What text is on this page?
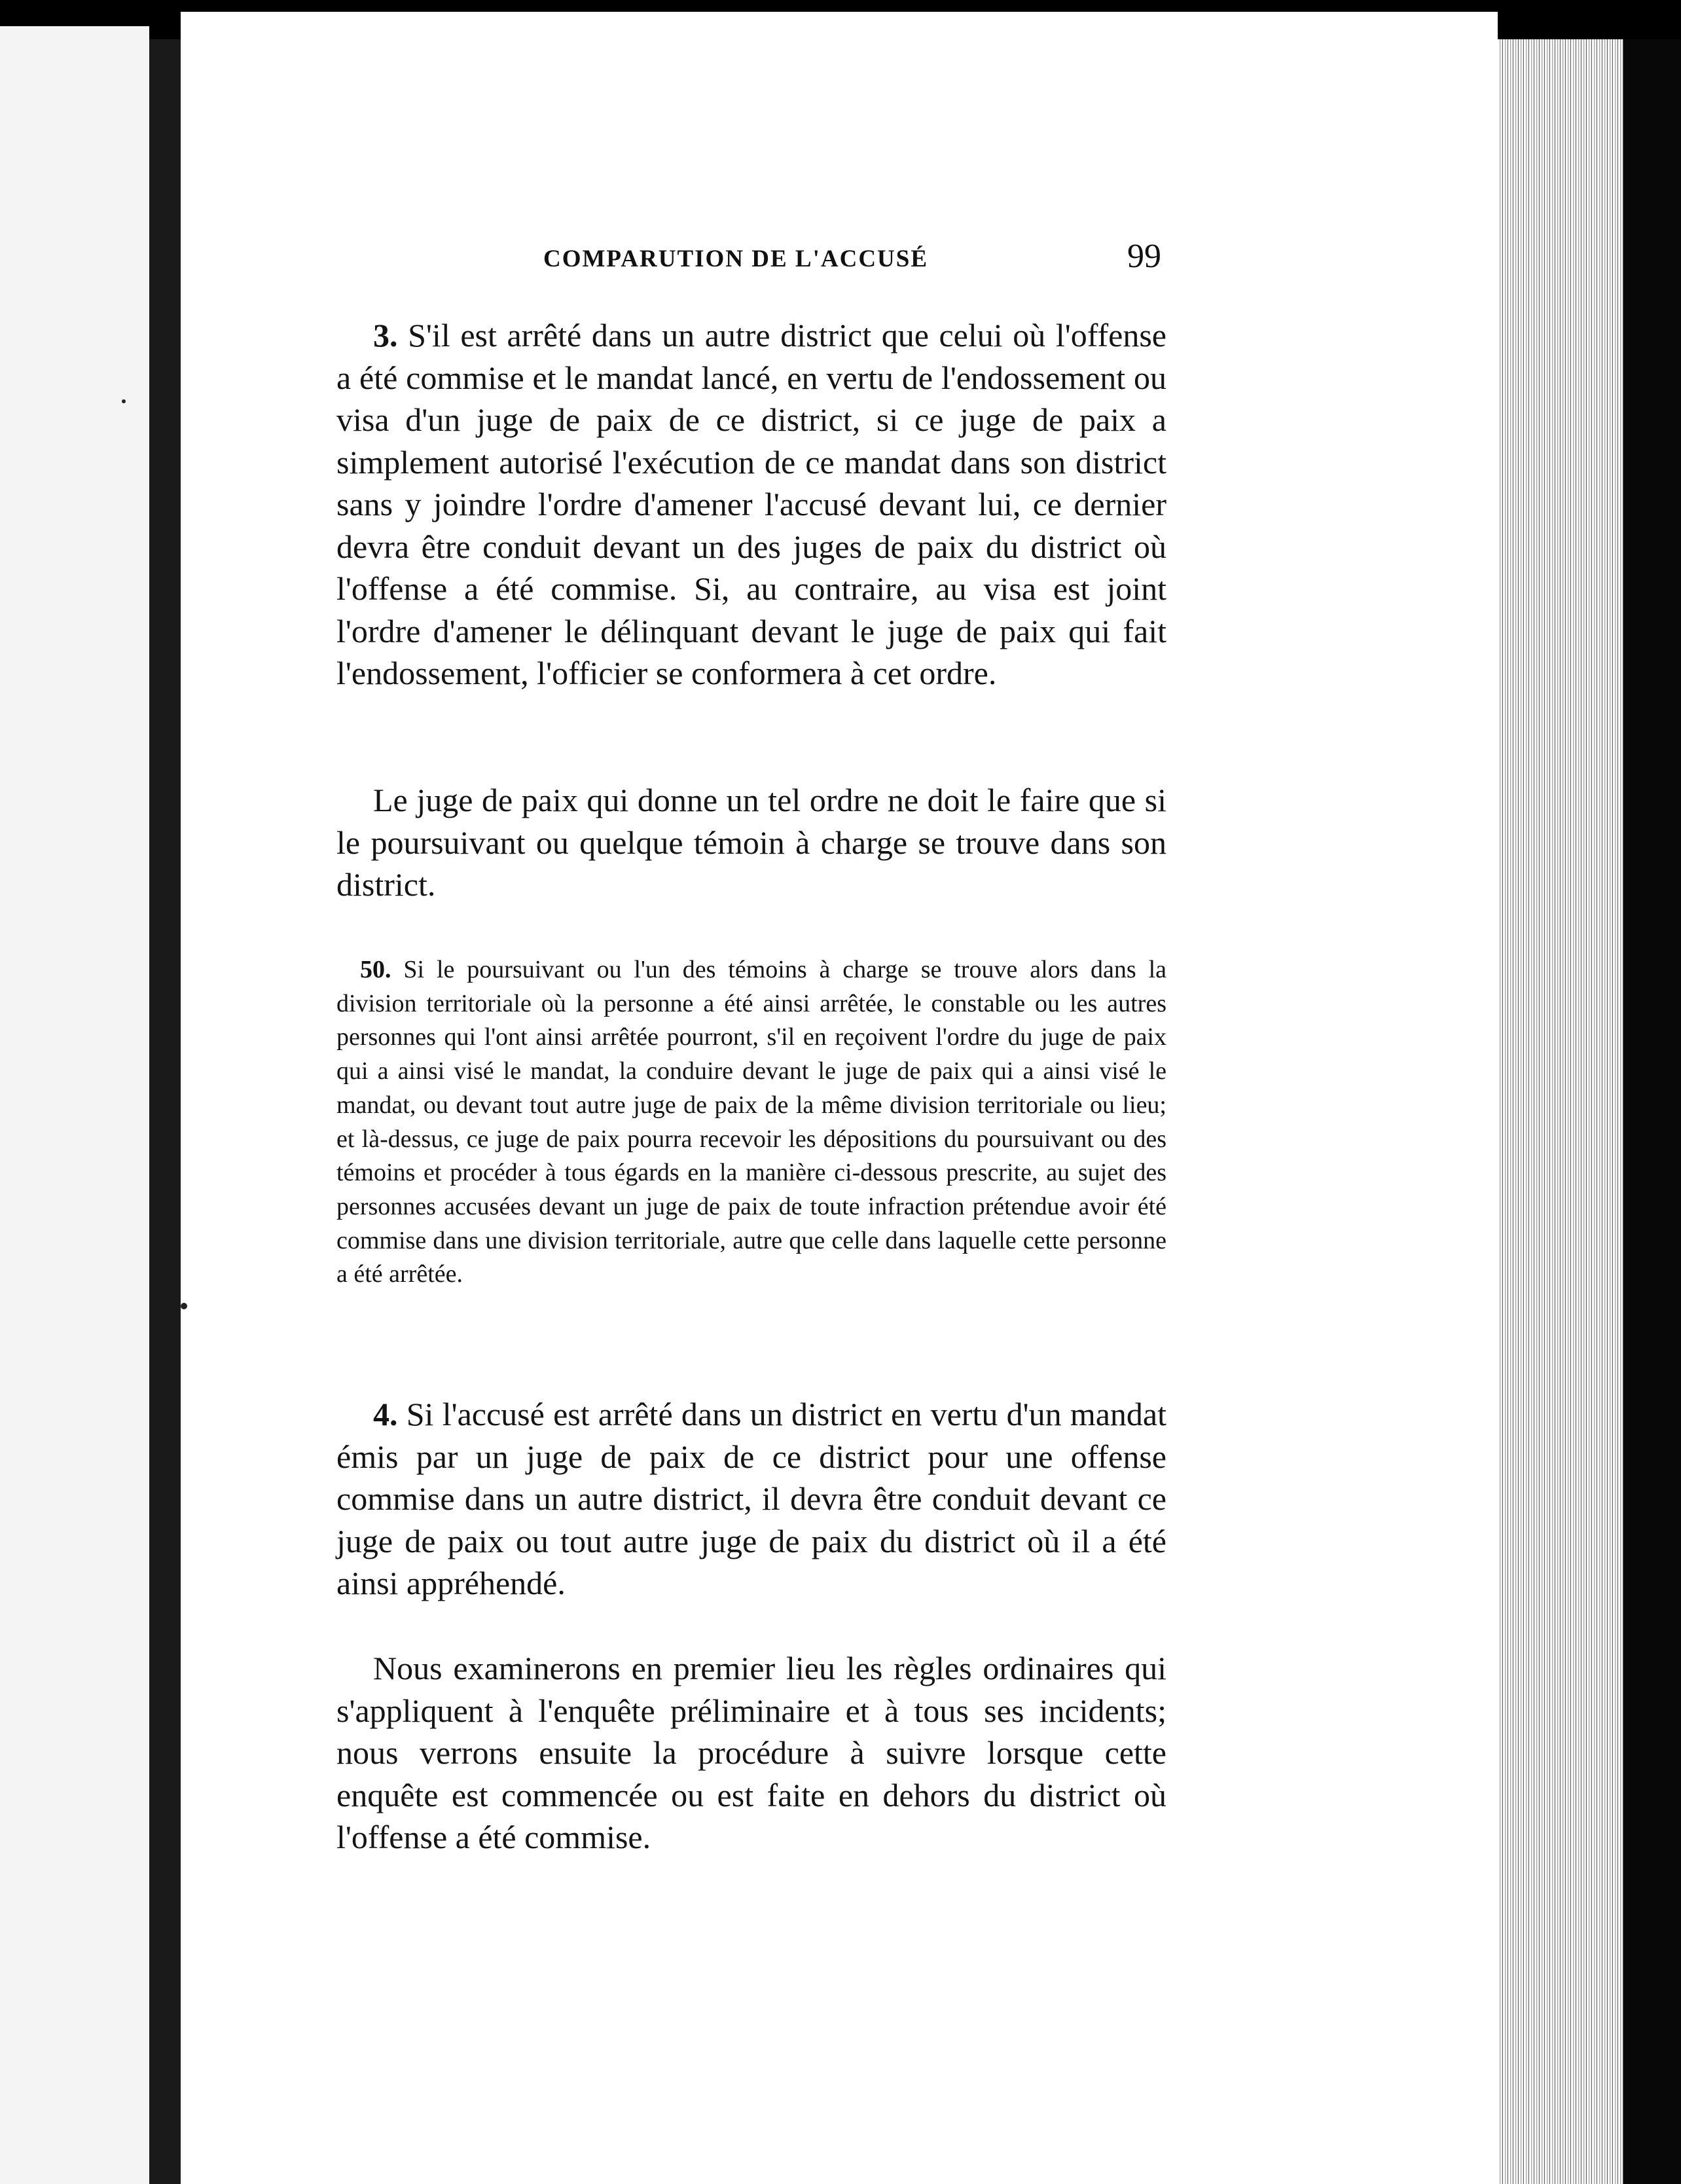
COMPARUTION DE L'ACCUSÉ	99

3. S'il est arrêté dans un autre district que celui où l'offense a été commise et le mandat lancé, en vertu de l'endossement ou visa d'un juge de paix de ce district, si ce juge de paix a simplement autorisé l'exécution de ce mandat dans son district sans y joindre l'ordre d'amener l'accusé devant lui, ce dernier devra être conduit devant un des juges de paix du district où l'offense a été commise. Si, au contraire, au visa est joint l'ordre d'amener le délinquant devant le juge de paix qui fait l'endossement, l'officier se conformera à cet ordre.

Le juge de paix qui donne un tel ordre ne doit le faire que si le poursuivant ou quelque témoin à charge se trouve dans son district.

50. Si le poursuivant ou l'un des témoins à charge se trouve alors dans la division territoriale où la personne a été ainsi arrêtée, le constable ou les autres personnes qui l'ont ainsi arrêtée pourront, s'il en reçoivent l'ordre du juge de paix qui a ainsi visé le mandat, la conduire devant le juge de paix qui a ainsi visé le mandat, ou devant tout autre juge de paix de la même division territoriale ou lieu; et là-dessus, ce juge de paix pourra recevoir les dépositions du poursuivant ou des témoins et procéder à tous égards en la manière ci-dessous prescrite, au sujet des personnes accusées devant un juge de paix de toute infraction prétendue avoir été commise dans une division territoriale, autre que celle dans laquelle cette personne a été arrêtée.

4. Si l'accusé est arrêté dans un district en vertu d'un mandat émis par un juge de paix de ce district pour une offense commise dans un autre district, il devra être conduit devant ce juge de paix ou tout autre juge de paix du district où il a été ainsi appréhendé.

Nous examinerons en premier lieu les règles ordinaires qui s'appliquent à l'enquête préliminaire et à tous ses incidents; nous verrons ensuite la procédure à suivre lorsque cette enquête est commencée ou est faite en dehors du district où l'offense a été commise.
